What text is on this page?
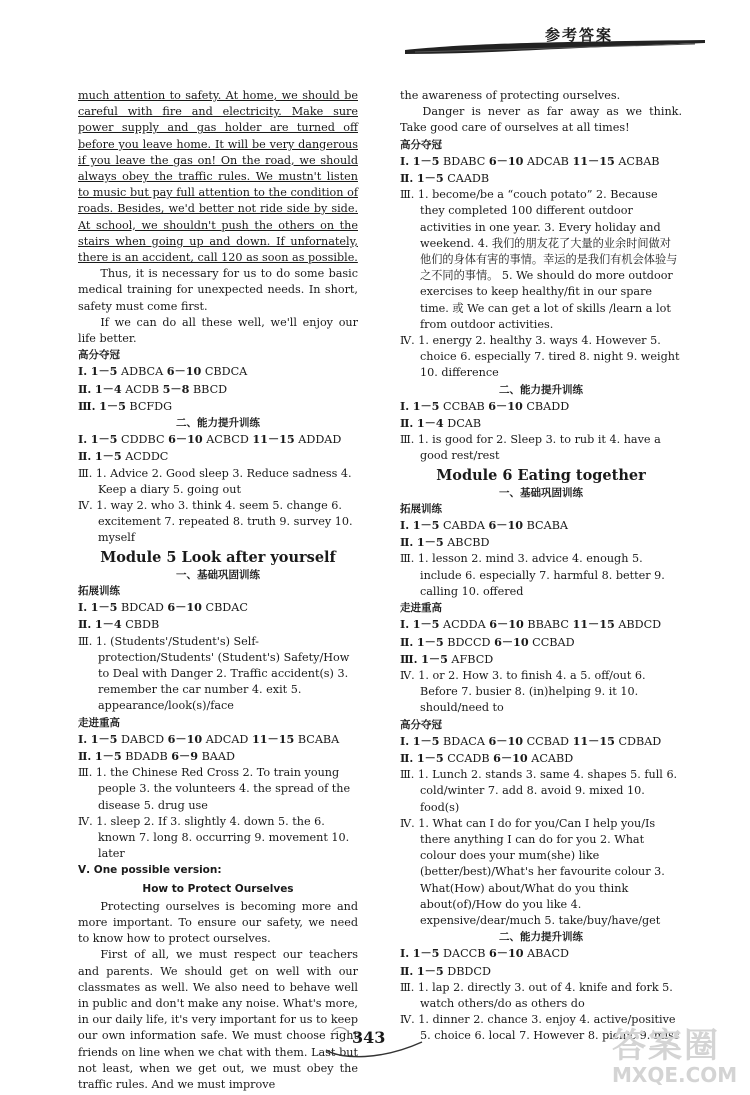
参考答案

much attention to safety. At home, we should be careful with fire and electricity. Make sure power supply and gas holder are turned off before you leave home. It will be very dangerous if you leave the gas on! On the road, we should always obey the traffic rules. We mustn't listen to music but pay full attention to the condition of roads. Besides, we'd better not ride side by side. At school, we shouldn't push the others on the stairs when going up and down. If unfornately, there is an accident, call 120 as soon as possible.

Thus, it is necessary for us to do some basic medical training for unexpected needs. In short, safety must come first.

If we can do all these well, we'll enjoy our life better.

高分夺冠

Ⅰ. 1－5 ADBCA 6－10 CBDCA
Ⅱ. 1－4 ACDB 5－8 BBCD
Ⅲ. 1－5 BCFDG

二、能力提升训练

Ⅰ. 1－5 CDDBC 6－10 ACBCD 11－15 ADDAD
Ⅱ. 1－5 ACDDC

Ⅲ. 1. Advice 2. Good sleep 3. Reduce sadness 4. Keep a diary 5. going out

Ⅳ. 1. way 2. who 3. think 4. seem 5. change 6. excitement 7. repeated 8. truth 9. survey 10. myself

Module 5 Look after yourself

一、基础巩固训练

拓展训练

Ⅰ. 1－5 BDCAD 6－10 CBDAC
Ⅱ. 1－4 CBDB

Ⅲ. 1. (Students'/Student's) Self-protection/Students' (Student's) Safety/How to Deal with Danger 2. Traffic accident(s) 3. remember the car number 4. exit 5. appearance/look(s)/face

走进重高

Ⅰ. 1－5 DABCD 6－10 ADCAD 11－15 BCABA
Ⅱ. 1－5 BDADB 6－9 BAAD

Ⅲ. 1. the Chinese Red Cross 2. To train young people 3. the volunteers 4. the spread of the disease 5. drug use

Ⅳ. 1. sleep 2. If 3. slightly 4. down 5. the 6. known 7. long 8. occurring 9. movement 10. later

Ⅴ. One possible version:

How to Protect Ourselves

Protecting ourselves is becoming more and more important. To ensure our safety, we need to know how to protect ourselves.

First of all, we must respect our teachers and parents. We should get on well with our classmates as well. We also need to behave well in public and don't make any noise. What's more, in our daily life, it's very important for us to keep our own information safe. We must choose right friends on line when we chat with them. Last but not least, when we get out, we must obey the traffic rules. And we must improve

the awareness of protecting ourselves.

Danger is never as far away as we think. Take good care of ourselves at all times!

高分夺冠

Ⅰ. 1－5 BDABC 6－10 ADCAB 11－15 ACBAB
Ⅱ. 1－5 CAADB

Ⅲ. 1. become/be a “couch potato” 2. Because they completed 100 different outdoor activities in one year. 3. Every holiday and weekend. 4. 我们的朋友花了大量的业余时间做对他们的身体有害的事情。幸运的是我们有机会体验与之不同的事情。 5. We should do more outdoor exercises to keep healthy/fit in our spare time. 或 We can get a lot of skills /learn a lot from outdoor activities.

Ⅳ. 1. energy 2. healthy 3. ways 4. However 5. choice 6. especially 7. tired 8. night 9. weight 10. difference

二、能力提升训练

Ⅰ. 1－5 CCBAB 6－10 CBADD
Ⅱ. 1－4 DCAB

Ⅲ. 1. is good for 2. Sleep 3. to rub it 4. have a good rest/rest

Module 6 Eating together

一、基础巩固训练

拓展训练

Ⅰ. 1－5 CABDA 6－10 BCABA
Ⅱ. 1－5 ABCBD

Ⅲ. 1. lesson 2. mind 3. advice 4. enough 5. include 6. especially 7. harmful 8. better 9. calling 10. offered

走进重高

Ⅰ. 1－5 ACDDA 6－10 BBABC 11－15 ABDCD
Ⅱ. 1－5 BDCCD 6－10 CCBAD
Ⅲ. 1－5 AFBCD

Ⅳ. 1. or 2. How 3. to finish 4. a 5. off/out 6. Before 7. busier 8. (in)helping 9. it 10. should/need to

高分夺冠

Ⅰ. 1－5 BDACA 6－10 CCBAD 11－15 CDBAD
Ⅱ. 1－5 CCADB 6－10 ACABD

Ⅲ. 1. Lunch 2. stands 3. same 4. shapes 5. full 6. cold/winter 7. add 8. avoid 9. mixed 10. food(s)

Ⅳ. 1. What can I do for you/Can I help you/Is there anything I can do for you 2. What colour does your mum(she) like (better/best)/What's her favourite colour 3. What(How) about/What do you think about(of)/How do you like 4. expensive/dear/much 5. take/buy/have/get

二、能力提升训练

Ⅰ. 1－5 DACCB 6－10 ABACD
Ⅱ. 1－5 DBDCD

Ⅲ. 1. lap 2. directly 3. out of 4. knife and fork 5. watch others/do as others do

Ⅳ. 1. dinner 2. chance 3. enjoy 4. active/positive 5. choice 6. local 7. However 8. picnic 9. miss

343	答案圈
MXQE.COM
